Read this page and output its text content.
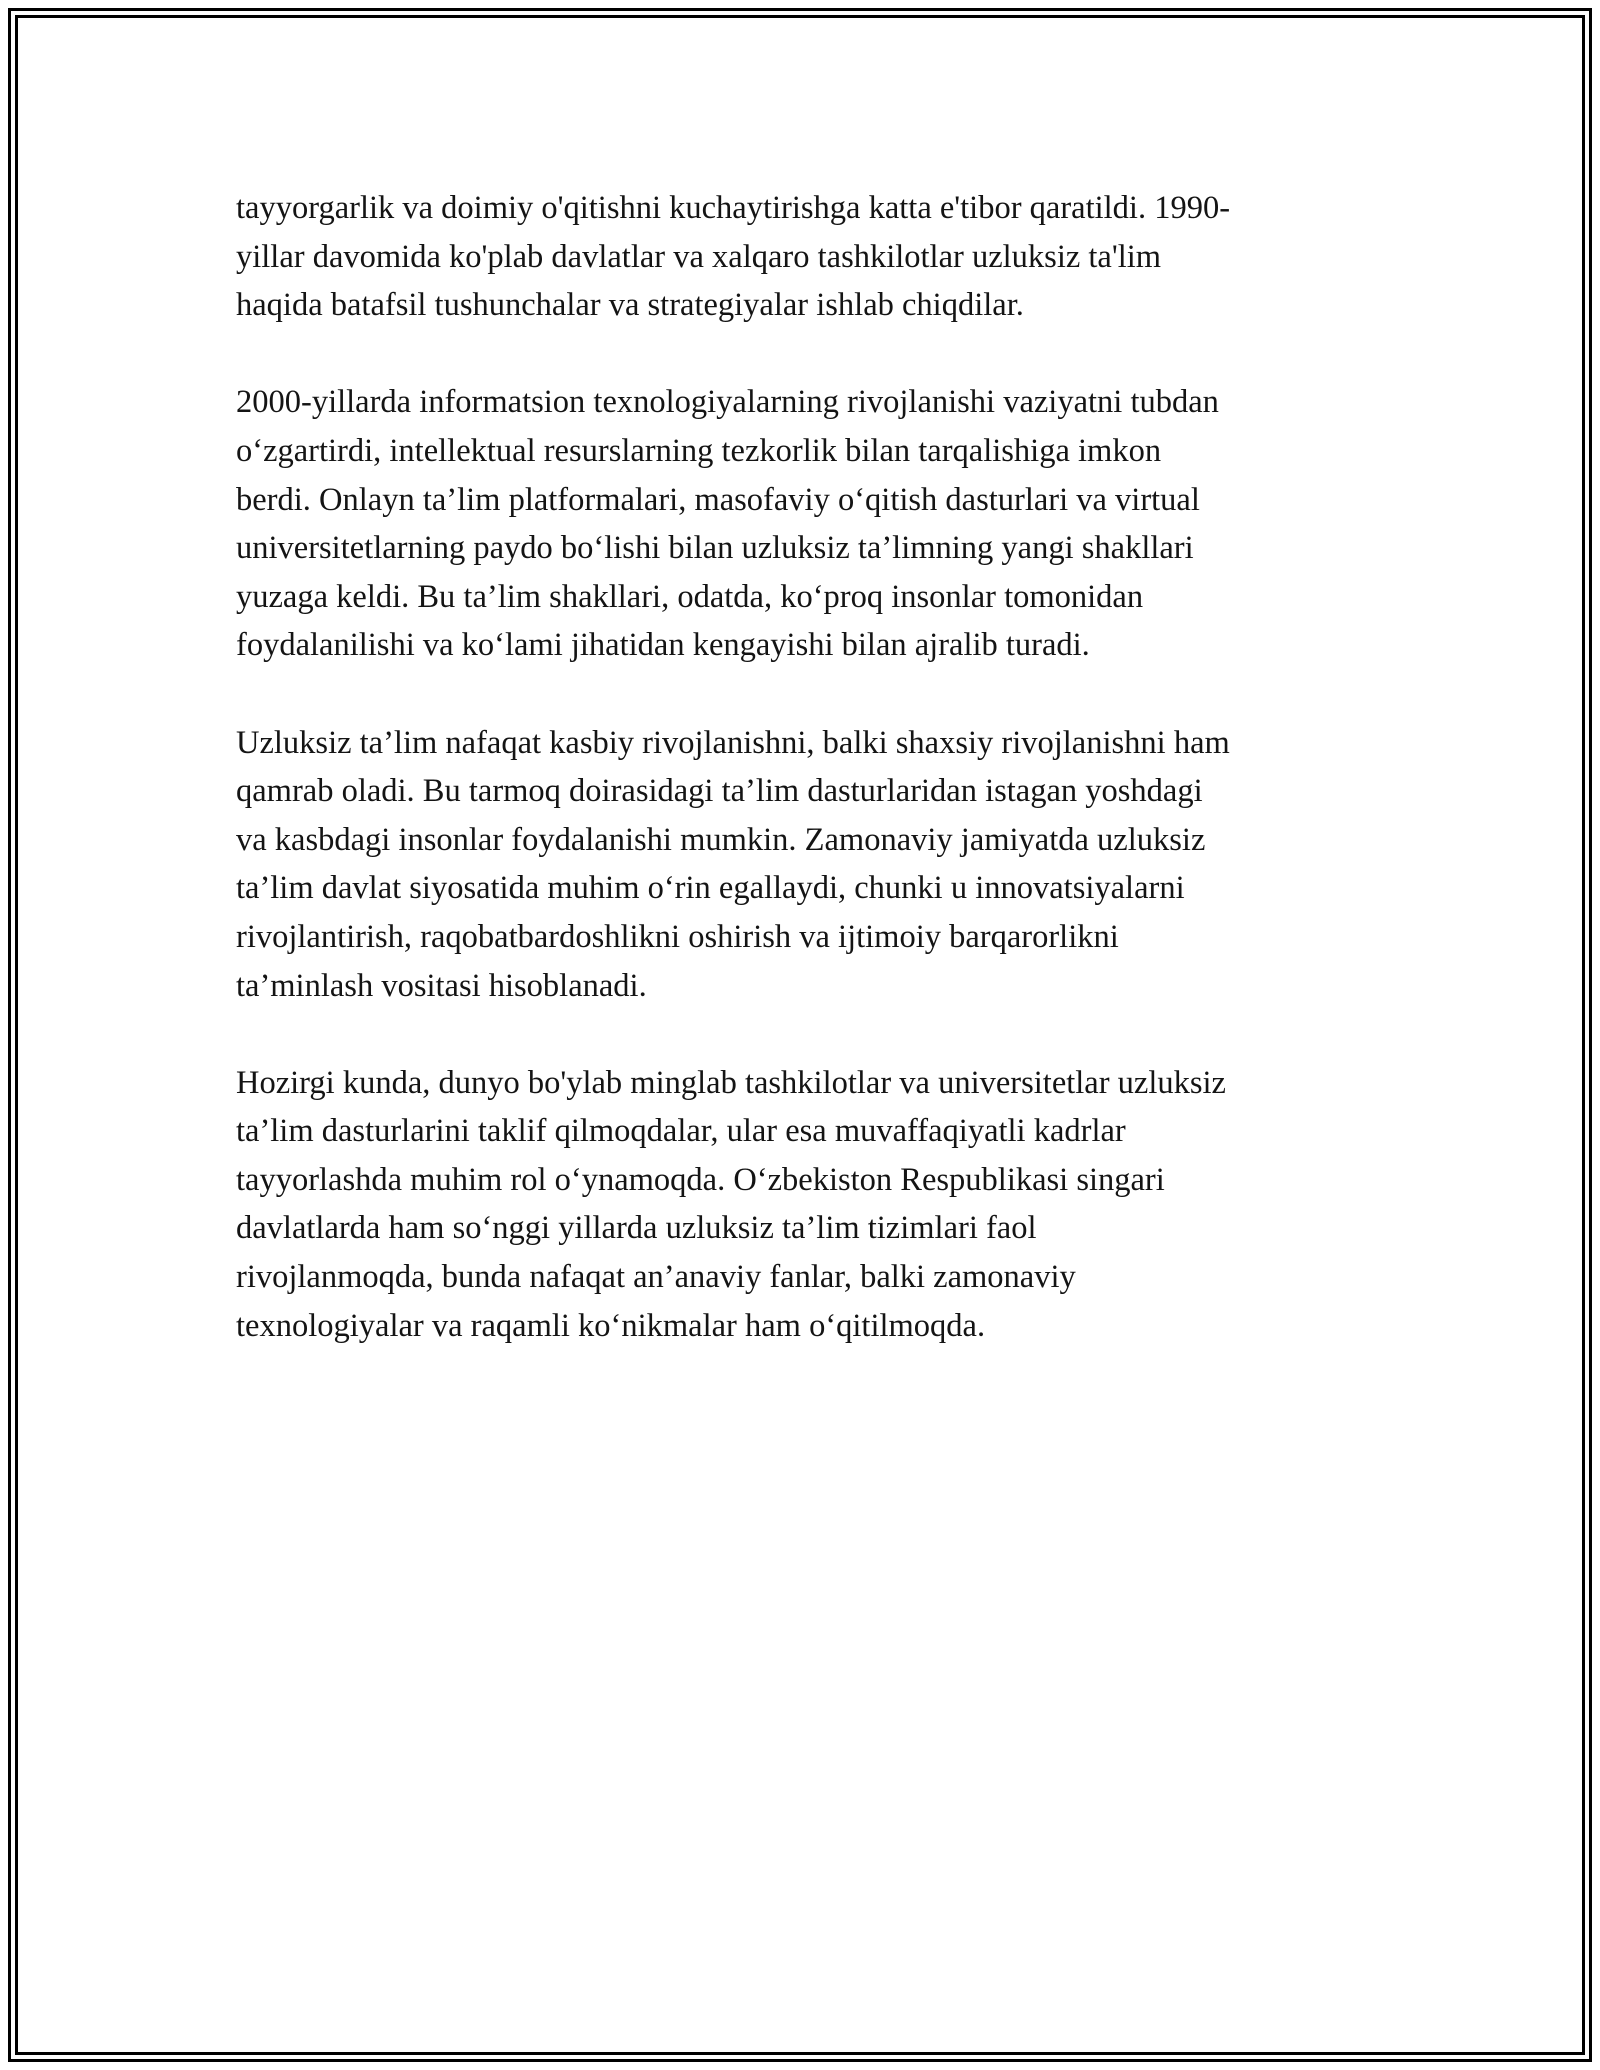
tayyorgarlik va doimiy o'qitishni kuchaytirishga katta e'tibor qaratildi. 1990-
yillar davomida ko'plab davlatlar va xalqaro tashkilotlar uzluksiz ta'lim
haqida batafsil tushunchalar va strategiyalar ishlab chiqdilar.

2000-yillarda informatsion texnologiyalarning rivojlanishi vaziyatni tubdan
o‘zgartirdi, intellektual resurslarning tezkorlik bilan tarqalishiga imkon
berdi. Onlayn ta’lim platformalari, masofaviy o‘qitish dasturlari va virtual
universitetlarning paydo bo‘lishi bilan uzluksiz ta’limning yangi shakllari
yuzaga keldi. Bu ta’lim shakllari, odatda, ko‘proq insonlar tomonidan
foydalanilishi va ko‘lami jihatidan kengayishi bilan ajralib turadi.

Uzluksiz ta’lim nafaqat kasbiy rivojlanishni, balki shaxsiy rivojlanishni ham
qamrab oladi. Bu tarmoq doirasidagi ta’lim dasturlaridan istagan yoshdagi
va kasbdagi insonlar foydalanishi mumkin. Zamonaviy jamiyatda uzluksiz
ta’lim davlat siyosatida muhim o‘rin egallaydi, chunki u innovatsiyalarni
rivojlantirish, raqobatbardoshlikni oshirish va ijtimoiy barqarorlikni
ta’minlash vositasi hisoblanadi.

Hozirgi kunda, dunyo bo'ylab minglab tashkilotlar va universitetlar uzluksiz
ta’lim dasturlarini taklif qilmoqdalar, ular esa muvaffaqiyatli kadrlar
tayyorlashda muhim rol o‘ynamoqda. O‘zbekiston Respublikasi singari
davlatlarda ham so‘nggi yillarda uzluksiz ta’lim tizimlari faol
rivojlanmoqda, bunda nafaqat an’anaviy fanlar, balki zamonaviy
texnologiyalar va raqamli ko‘nikmalar ham o‘qitilmoqda.
